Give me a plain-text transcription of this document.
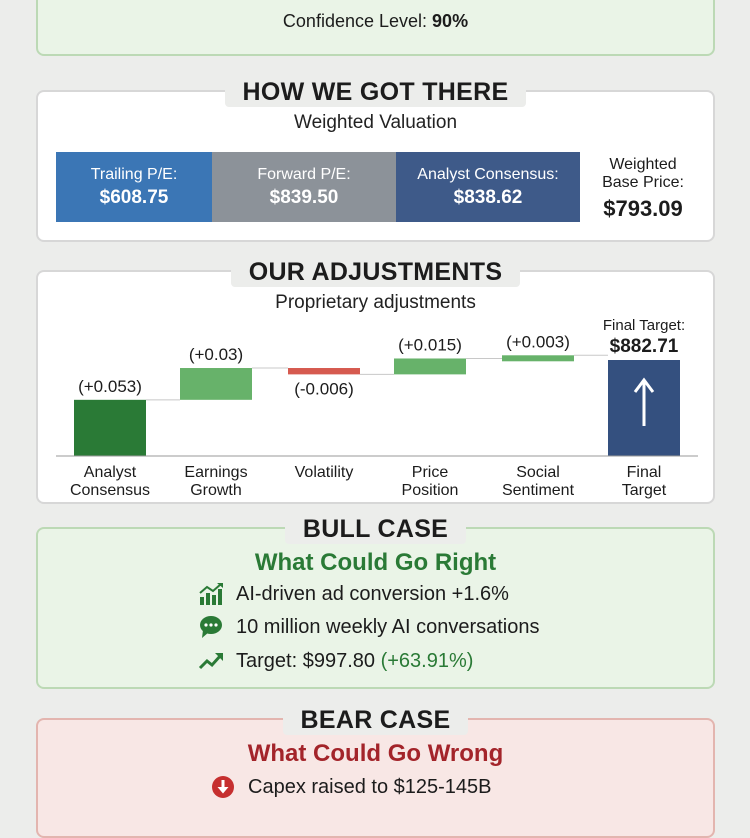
Confidence Level: 90%
HOW WE GOT THERE
Weighted Valuation
Trailing P/E:
$608.75
Forward P/E:
$839.50
Analyst Consensus:
$838.62
Weighted
Base Price:
$793.09
OUR ADJUSTMENTS
Proprietary adjustments
(+0.053)
(+0.03)
(-0.006)
(+0.015)	(+0.003)
Final Target:
$882.71
Analyst
Consensus
Earnings
Growth
Volatility	Price
Position
Social
Sentiment
Final
Target
BULL CASE
What Could Go Right
AI-driven ad conversion +1.6%
10 million weekly AI conversations
Target: $997.80
(+63.91%)
BEAR CASE
What Could Go Wrong
Capex raised to $125-145B
